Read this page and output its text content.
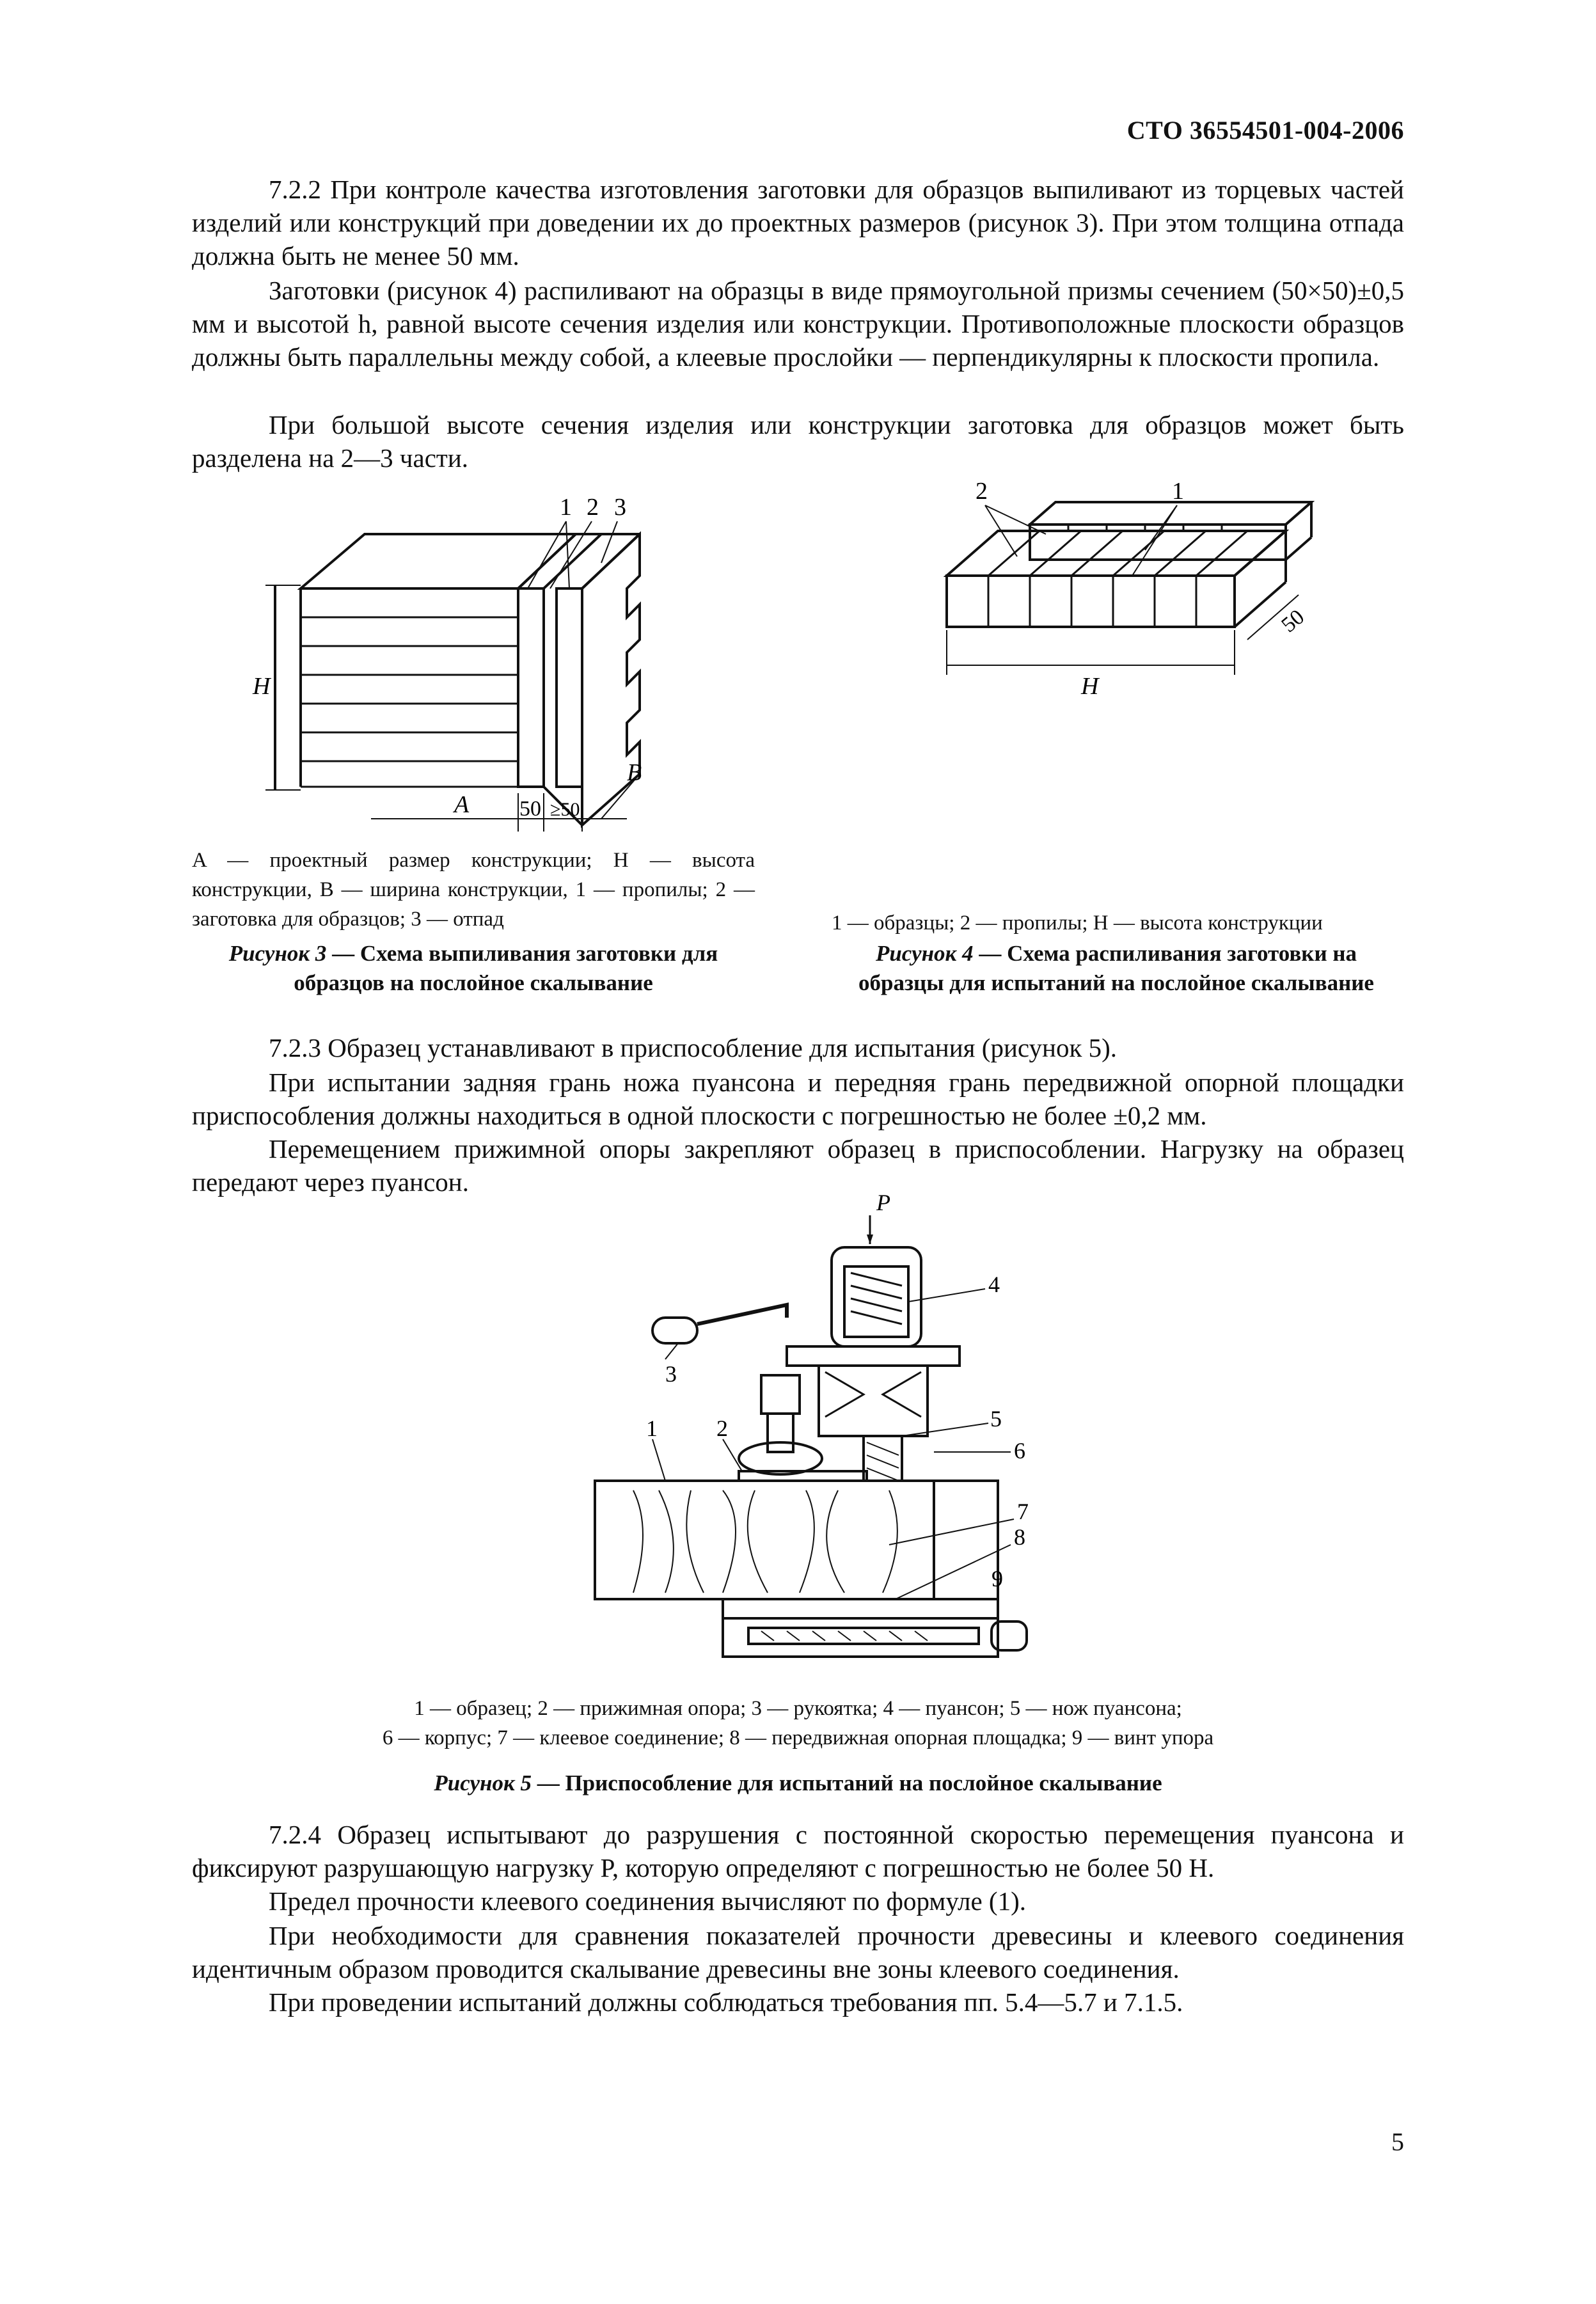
СТО 36554501-004-2006
7.2.2 При контроле качества изготовления заготовки для образцов выпиливают из торцевых частей изделий или конструкций при доведении их до проектных размеров (рисунок 3). При этом толщина отпада должна быть не менее 50 мм.
Заготовки (рисунок 4) распиливают на образцы в виде прямоугольной призмы сечением (50×50)±0,5 мм и высотой h, равной высоте сечения изделия или конструкции. Противоположные плоскости образцов должны быть параллельны между собой, а клеевые прослойки — перпендикулярны к плоскости пропила.
При большой высоте сечения изделия или конструкции заготовка для образцов может быть разделена на 2—3 части.
1 2 3
H
A 50 ≥50
B
A — проектный размер конструкции; H — высота конструкции, B — ширина конструкции, 1 — пропилы; 2 — заготовка для образцов; 3 — отпад
Рисунок 3 — Схема выпиливания заготовки для образцов на послойное скалывание
2	1
H
50
1 — образцы; 2 — пропилы; H — высота конструкции
Рисунок 4 — Схема распиливания заготовки на образцы для испытаний на послойное скалывание
7.2.3 Образец устанавливают в приспособление для испытания (рисунок 5).
При испытании задняя грань ножа пуансона и передняя грань передвижной опорной площадки приспособления должны находиться в одной плоскости с погрешностью не более ±0,2 мм.
Перемещением прижимной опоры закрепляют образец в приспособлении. Нагрузку на образец передают через пуансон.
P
4
3
5
6
1	2
7
8
9
1 — образец; 2 — прижимная опора; 3 — рукоятка; 4 — пуансон; 5 — нож пуансона;
6 — корпус; 7 — клеевое соединение; 8 — передвижная опорная площадка; 9 — винт упора
Рисунок 5 — Приспособление для испытаний на послойное скалывание
7.2.4 Образец испытывают до разрушения с постоянной скоростью перемещения пуансона и фиксируют разрушающую нагрузку P, которую определяют с погрешностью не более 50 Н.
Предел прочности клеевого соединения вычисляют по формуле (1).
При необходимости для сравнения показателей прочности древесины и клеевого соединения идентичным образом проводится скалывание древесины вне зоны клеевого соединения.
При проведении испытаний должны соблюдаться требования пп. 5.4—5.7 и 7.1.5.
5
